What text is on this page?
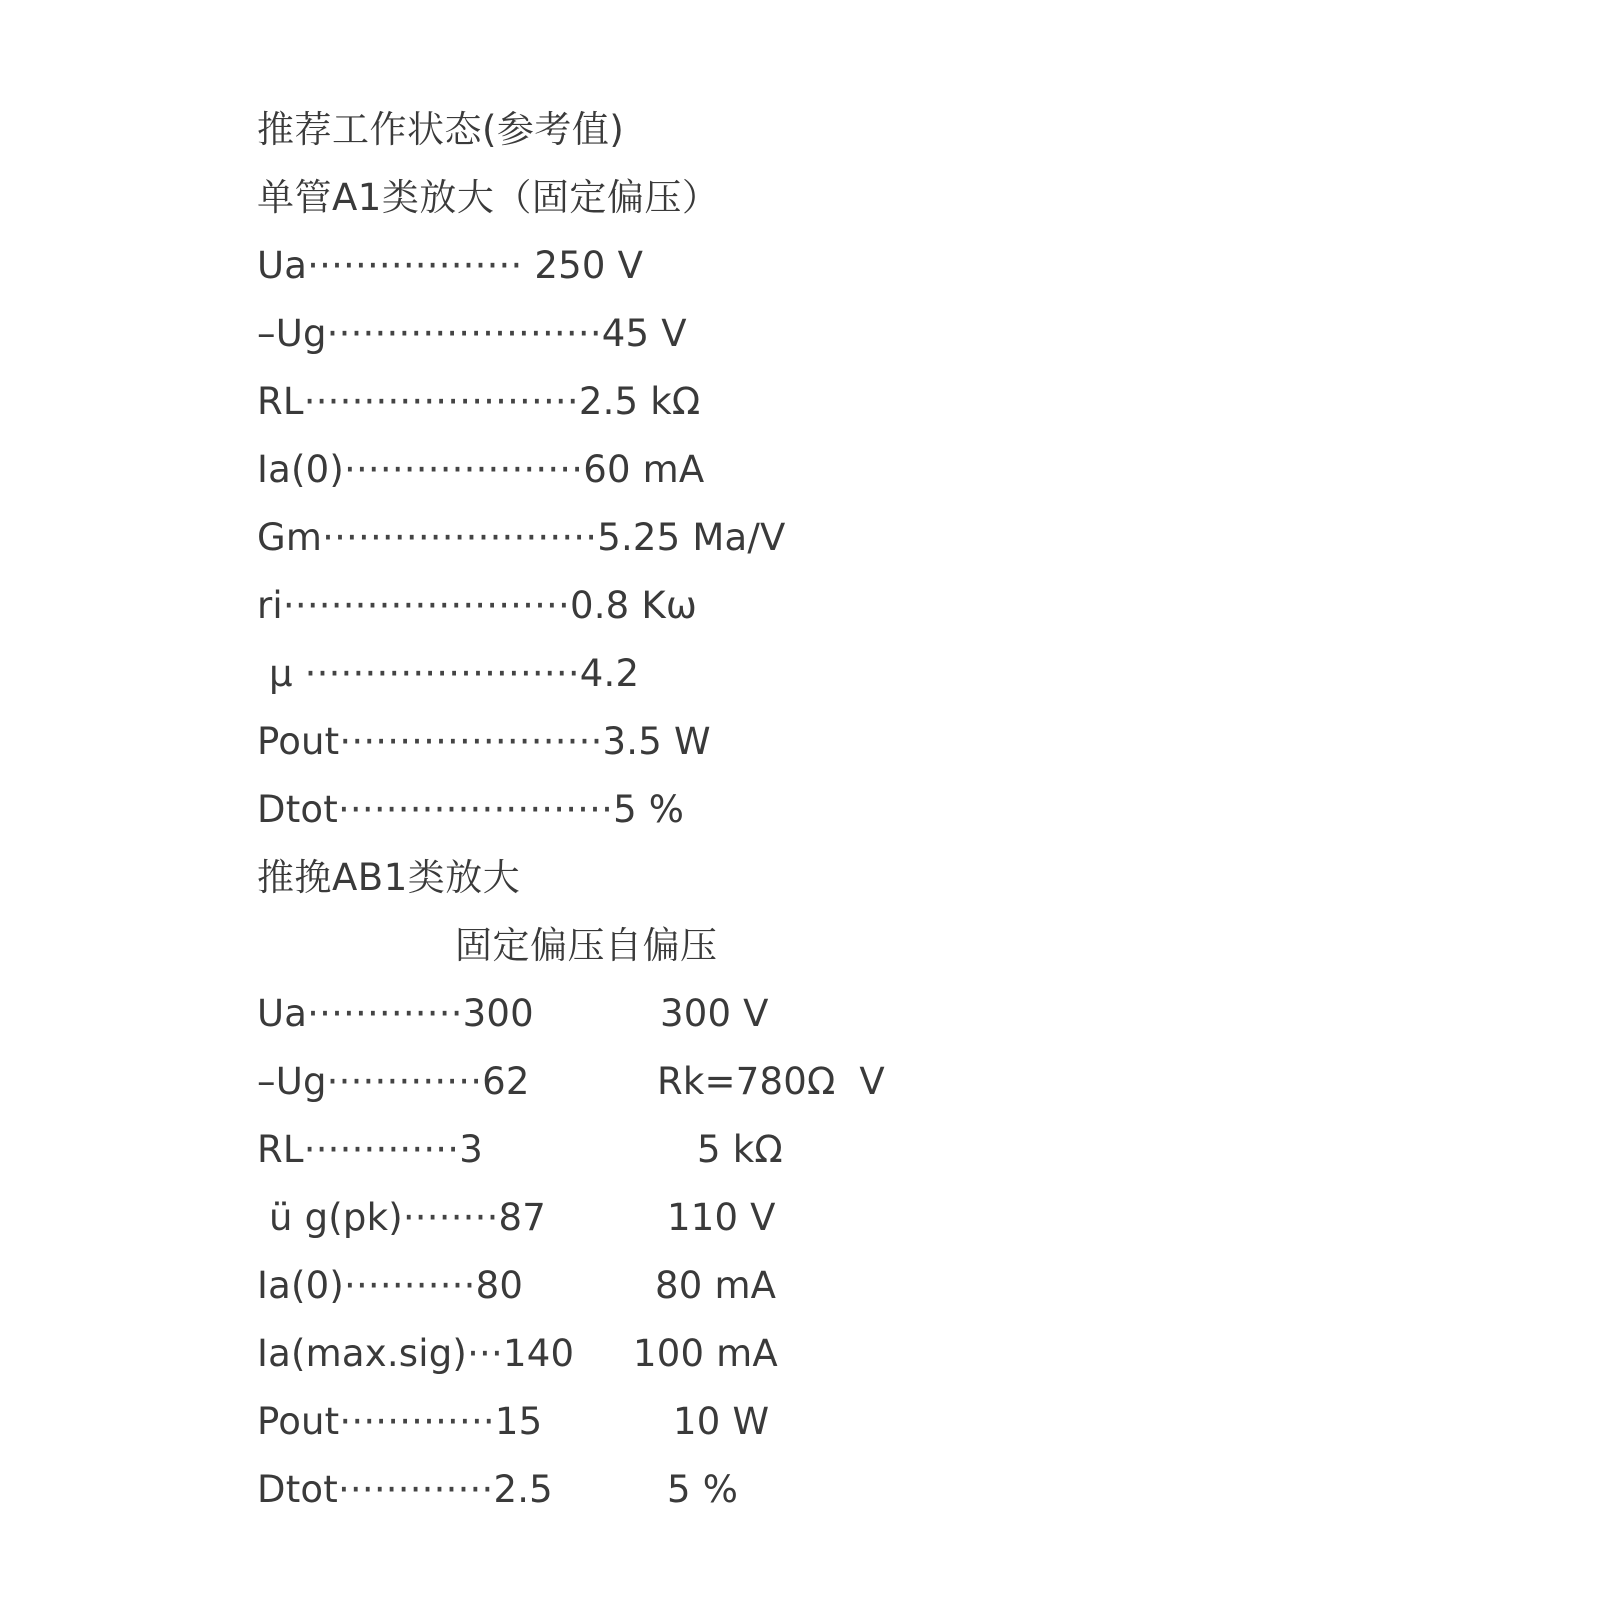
推荐工作状态(参考值)
单管A1类放大（固定偏压）
Ua·················· 250 V
–Ug·······················45 V
RL·······················2.5 kΩ
Ia(0)····················60 mA
Gm·······················5.25 Ma/V
ri························0.8 Kω
μ ·······················4.2
Pout······················3.5 W
Dtot·······················5 %
推挽AB1类放大
固定偏压自偏压
Ua·············300	300 V
–Ug·············62	Rk=780Ω  V
RL·············3	5 kΩ
ü g(pk)········87	110 V
Ia(0)···········80	80 mA
Ia(max.sig)···140 100 mA
Pout·············15	10 W
Dtot·············2.5	5 %
